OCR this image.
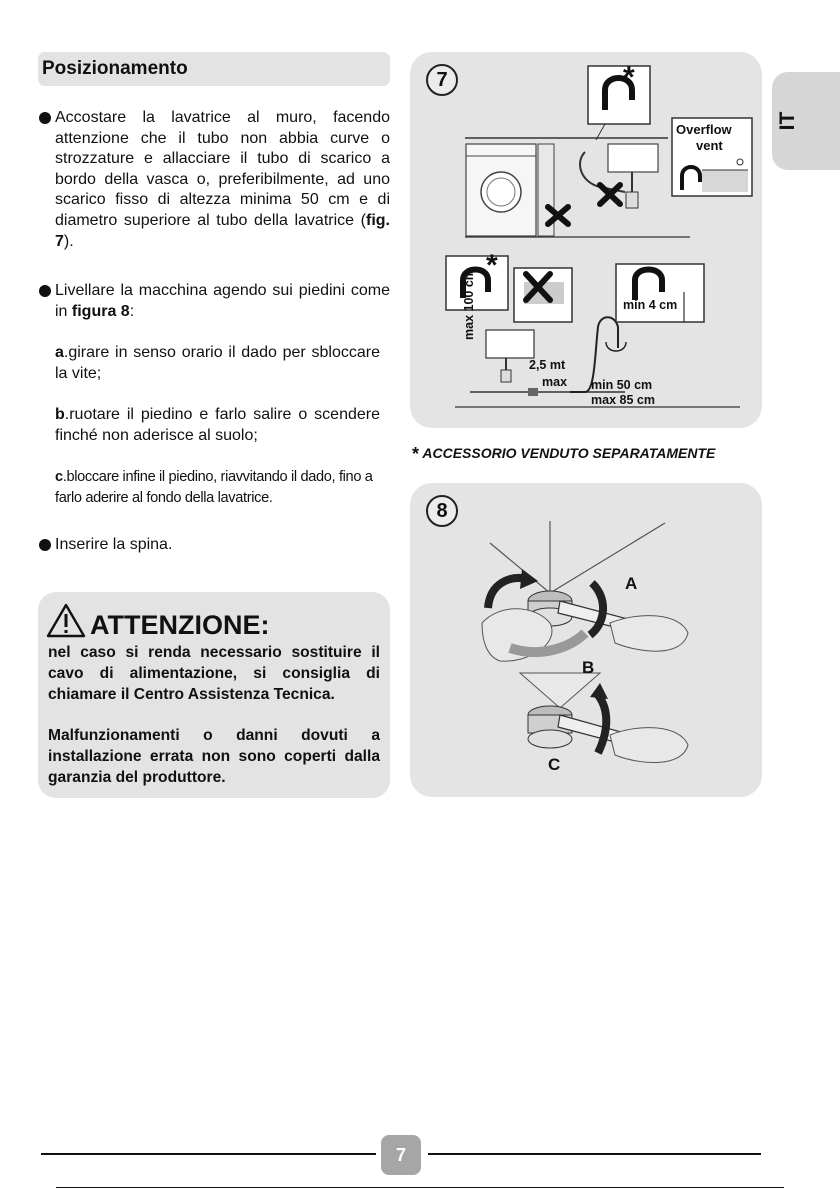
IT
Posizionamento
Accostare la lavatrice al muro, facendo attenzione che il tubo non abbia curve o strozzature e allacciare il tubo di scarico a bordo della vasca o, preferibilmente, ad uno scarico fisso di altezza minima 50 cm e di diametro superiore al tubo della lavatrice (fig. 7).
Livellare la macchina agendo sui piedini come in figura 8:
a.girare in senso orario il dado per sbloccare la vite;
b.ruotare il piedino e farlo salire o scendere finché non aderisce al suolo;
c.bloccare infine il piedino, riavvitando il dado, fino a farlo aderire al fondo della lavatrice.
Inserire la spina.
ATTENZIONE:
nel caso si renda necessario sostituire il cavo di alimentazione, si consiglia di chiamare il Centro Assistenza Tecnica.
Malfunzionamenti o danni dovuti a installazione errata non sono coperti dalla garanzia del produttore.
7	*
*
Overflow
vent
max 100 cm
2,5 mt
max
min 4 cm
min 50 cm
max 85 cm
* ACCESSORIO VENDUTO SEPARATAMENTE
8
A
B
C
7
